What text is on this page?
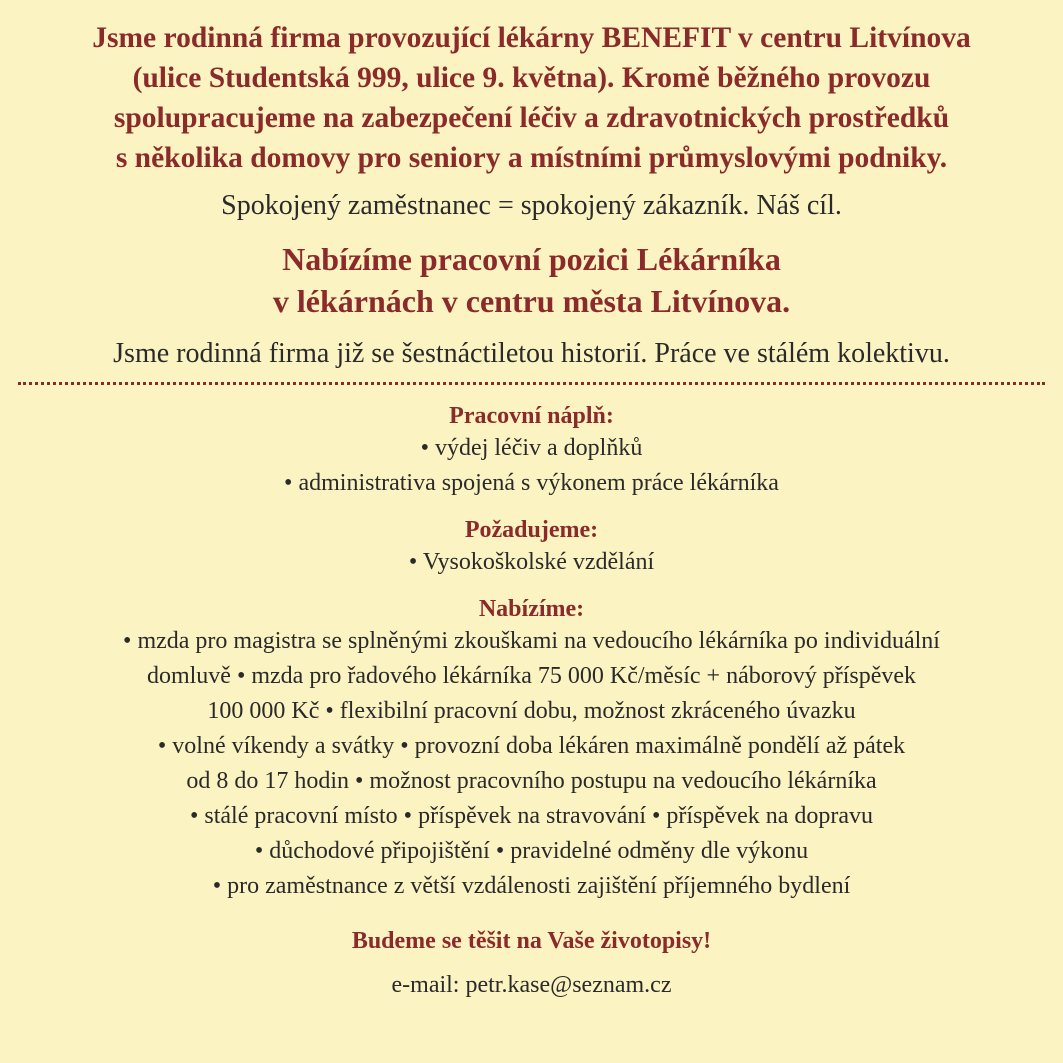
Jsme rodinná firma provozující lékárny BENEFIT v centru Litvínova
(ulice Studentská 999, ulice 9. května). Kromě běžného provozu
spolupracujeme na zabezpečení léčiv a zdravotnických prostředků
s několika domovy pro seniory a místními průmyslovými podniky.

Spokojený zaměstnanec = spokojený zákazník. Náš cíl.

Nabízíme pracovní pozici Lékárníka
v lékárnách v centru města Litvínova.

Jsme rodinná firma již se šestnáctiletou historií. Práce ve stálém kolektivu.

Pracovní náplň:
• výdej léčiv a doplňků
• administrativa spojená s výkonem práce lékárníka
Požadujeme:
• Vysokoškolské vzdělání
Nabízíme:
• mzda pro magistra se splněnými zkouškami na vedoucího lékárníka po individuální
domluvě • mzda pro řadového lékárníka 75 000 Kč/měsíc + náborový příspěvek
100 000 Kč • flexibilní pracovní dobu, možnost zkráceného úvazku
• volné víkendy a svátky • provozní doba lékáren maximálně pondělí až pátek
od 8 do 17 hodin • možnost pracovního postupu na vedoucího lékárníka
• stálé pracovní místo • příspěvek na stravování • příspěvek na dopravu
• důchodové připojištění • pravidelné odměny dle výkonu
• pro zaměstnance z větší vzdálenosti zajištění příjemného bydlení

Budeme se těšit na Vaše životopisy!

e-mail: petr.kase@seznam.cz
